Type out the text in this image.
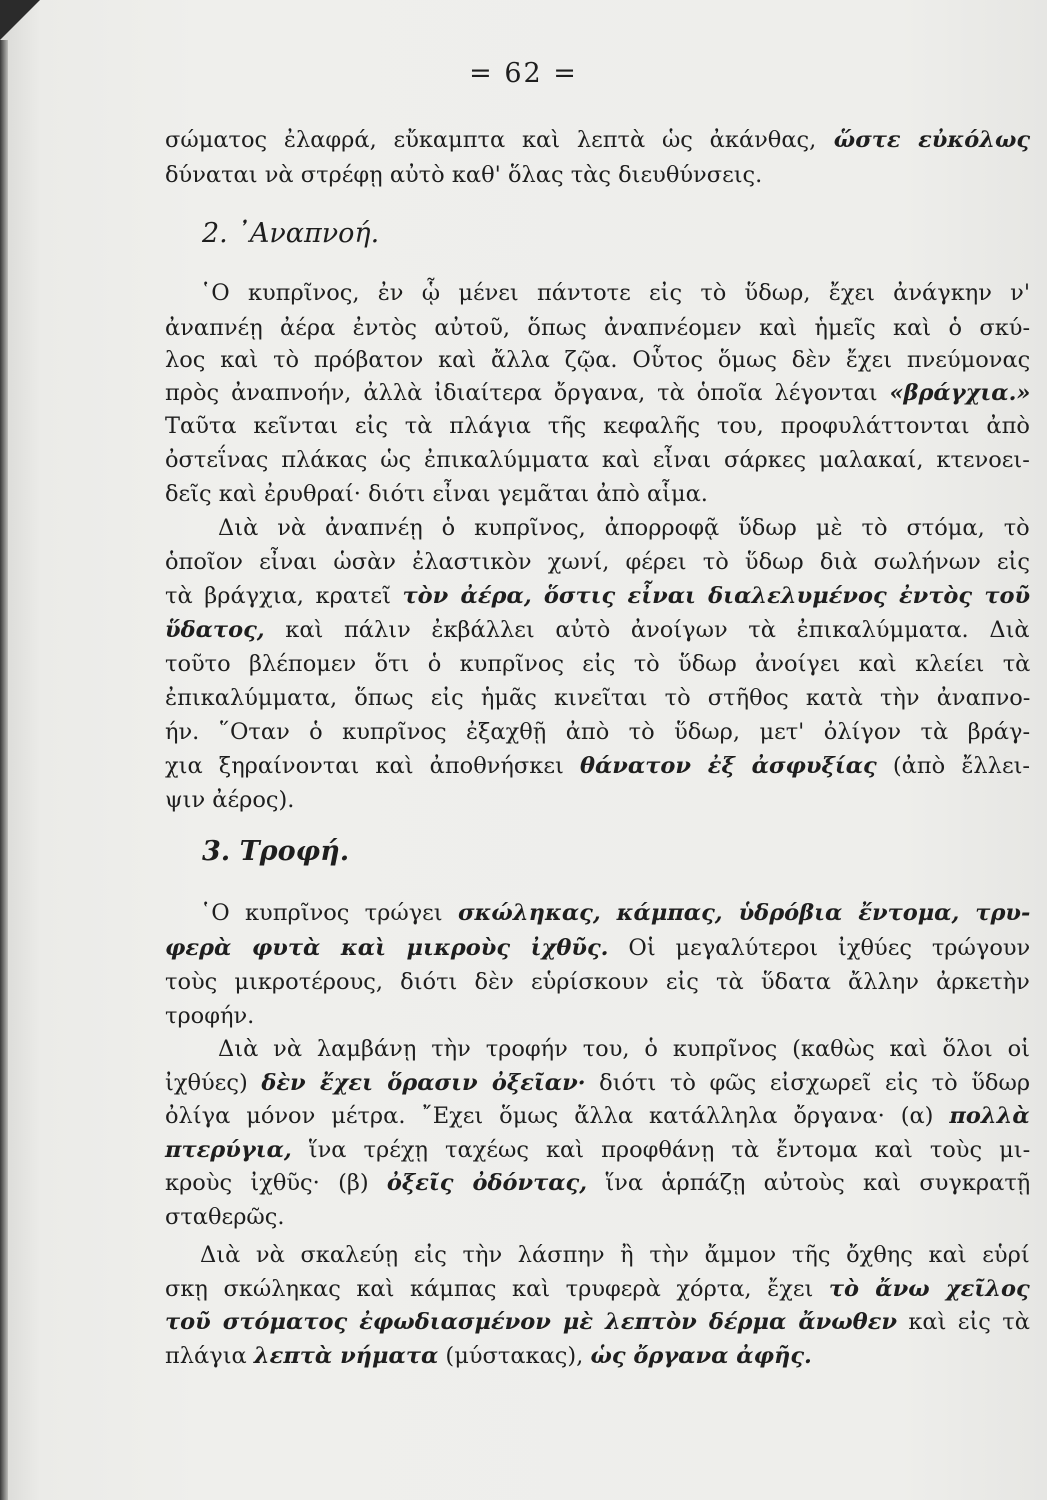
= 62 =
2. ᾿Αναπνοή.
3. Τροφή.
σώματος ἐλαφρά, εὔκαμπτα καὶ λεπτὰ ὡς ἀκάνθας, ὥστε εὐκόλως
δύναται νὰ στρέφῃ αὐτὸ καθ' ὅλας τὰς διευθύνσεις.
῾Ο κυπρῖνος, ἐν ᾧ μένει πάντοτε εἰς τὸ ὕδωρ, ἔχει ἀνάγκην ν'
ἀναπνέῃ ἀέρα ἐντὸς αὐτοῦ, ὅπως ἀναπνέομεν καὶ ἡμεῖς καὶ ὁ σκύ-
λος καὶ τὸ πρόβατον καὶ ἄλλα ζῷα. Οὗτος ὅμως δὲν ἔχει πνεύμονας
πρὸς ἀναπνοήν, ἀλλὰ ἰδιαίτερα ὄργανα, τὰ ὁποῖα λέγονται «βράγχια.»
Ταῦτα κεῖνται εἰς τὰ πλάγια τῆς κεφαλῆς του, προφυλάττονται ἀπὸ
ὀστεΐνας πλάκας ὡς ἐπικαλύμματα καὶ εἶναι σάρκες μαλακαί, κτενοει-
δεῖς καὶ ἐρυθραί· διότι εἶναι γεμᾶται ἀπὸ αἷμα.
Διὰ νὰ ἀναπνέῃ ὁ κυπρῖνος, ἀπορροφᾷ ὕδωρ μὲ τὸ στόμα, τὸ
ὁποῖον εἶναι ὡσὰν ἐλαστικὸν χωνί, φέρει τὸ ὕδωρ διὰ σωλήνων εἰς
τὰ βράγχια, κρατεῖ τὸν ἀέρα, ὅστις εἶναι διαλελυμένος ἐντὸς τοῦ
ὕδατος, καὶ πάλιν ἐκβάλλει αὐτὸ ἀνοίγων τὰ ἐπικαλύμματα. Διὰ
τοῦτο βλέπομεν ὅτι ὁ κυπρῖνος εἰς τὸ ὕδωρ ἀνοίγει καὶ κλείει τὰ
ἐπικαλύμματα, ὅπως εἰς ἡμᾶς κινεῖται τὸ στῆθος κατὰ τὴν ἀναπνο-
ήν. ῞Οταν ὁ κυπρῖνος ἐξαχθῇ ἀπὸ τὸ ὕδωρ, μετ' ὀλίγον τὰ βράγ-
χια ξηραίνονται καὶ ἀποθνήσκει θάνατον ἐξ ἀσφυξίας (ἀπὸ ἔλλει-
ψιν ἀέρος).
῾Ο κυπρῖνος τρώγει σκώληκας, κάμπας, ὑδρόβια ἔντομα, τρυ-
φερὰ φυτὰ καὶ μικροὺς ἰχθῦς. Οἱ μεγαλύτεροι ἰχθύες τρώγουν
τοὺς μικροτέρους, διότι δὲν εὑρίσκουν εἰς τὰ ὕδατα ἄλλην ἀρκετὴν
τροφήν.
Διὰ νὰ λαμβάνῃ τὴν τροφήν του, ὁ κυπρῖνος (καθὼς καὶ ὅλοι οἱ
ἰχθύες) δὲν ἔχει ὅρασιν ὀξεῖαν· διότι τὸ φῶς εἰσχωρεῖ εἰς τὸ ὕδωρ
ὀλίγα μόνον μέτρα. ῎Εχει ὅμως ἄλλα κατάλληλα ὄργανα· (α) πολλὰ
πτερύγια, ἵνα τρέχῃ ταχέως καὶ προφθάνῃ τὰ ἔντομα καὶ τοὺς μι-
κροὺς ἰχθῦς· (β) ὀξεῖς ὀδόντας, ἵνα ἁρπάζῃ αὐτοὺς καὶ συγκρατῇ
σταθερῶς.
Διὰ νὰ σκαλεύῃ εἰς τὴν λάσπην ἢ τὴν ἄμμον τῆς ὄχθης καὶ εὑρί
σκῃ σκώληκας καὶ κάμπας καὶ τρυφερὰ χόρτα, ἔχει τὸ ἄνω χεῖλος
τοῦ στόματος ἐφωδιασμένον μὲ λεπτὸν δέρμα ἄνωθεν καὶ εἰς τὰ
πλάγια λεπτὰ νήματα (μύστακας), ὡς ὄργανα ἀφῆς.
